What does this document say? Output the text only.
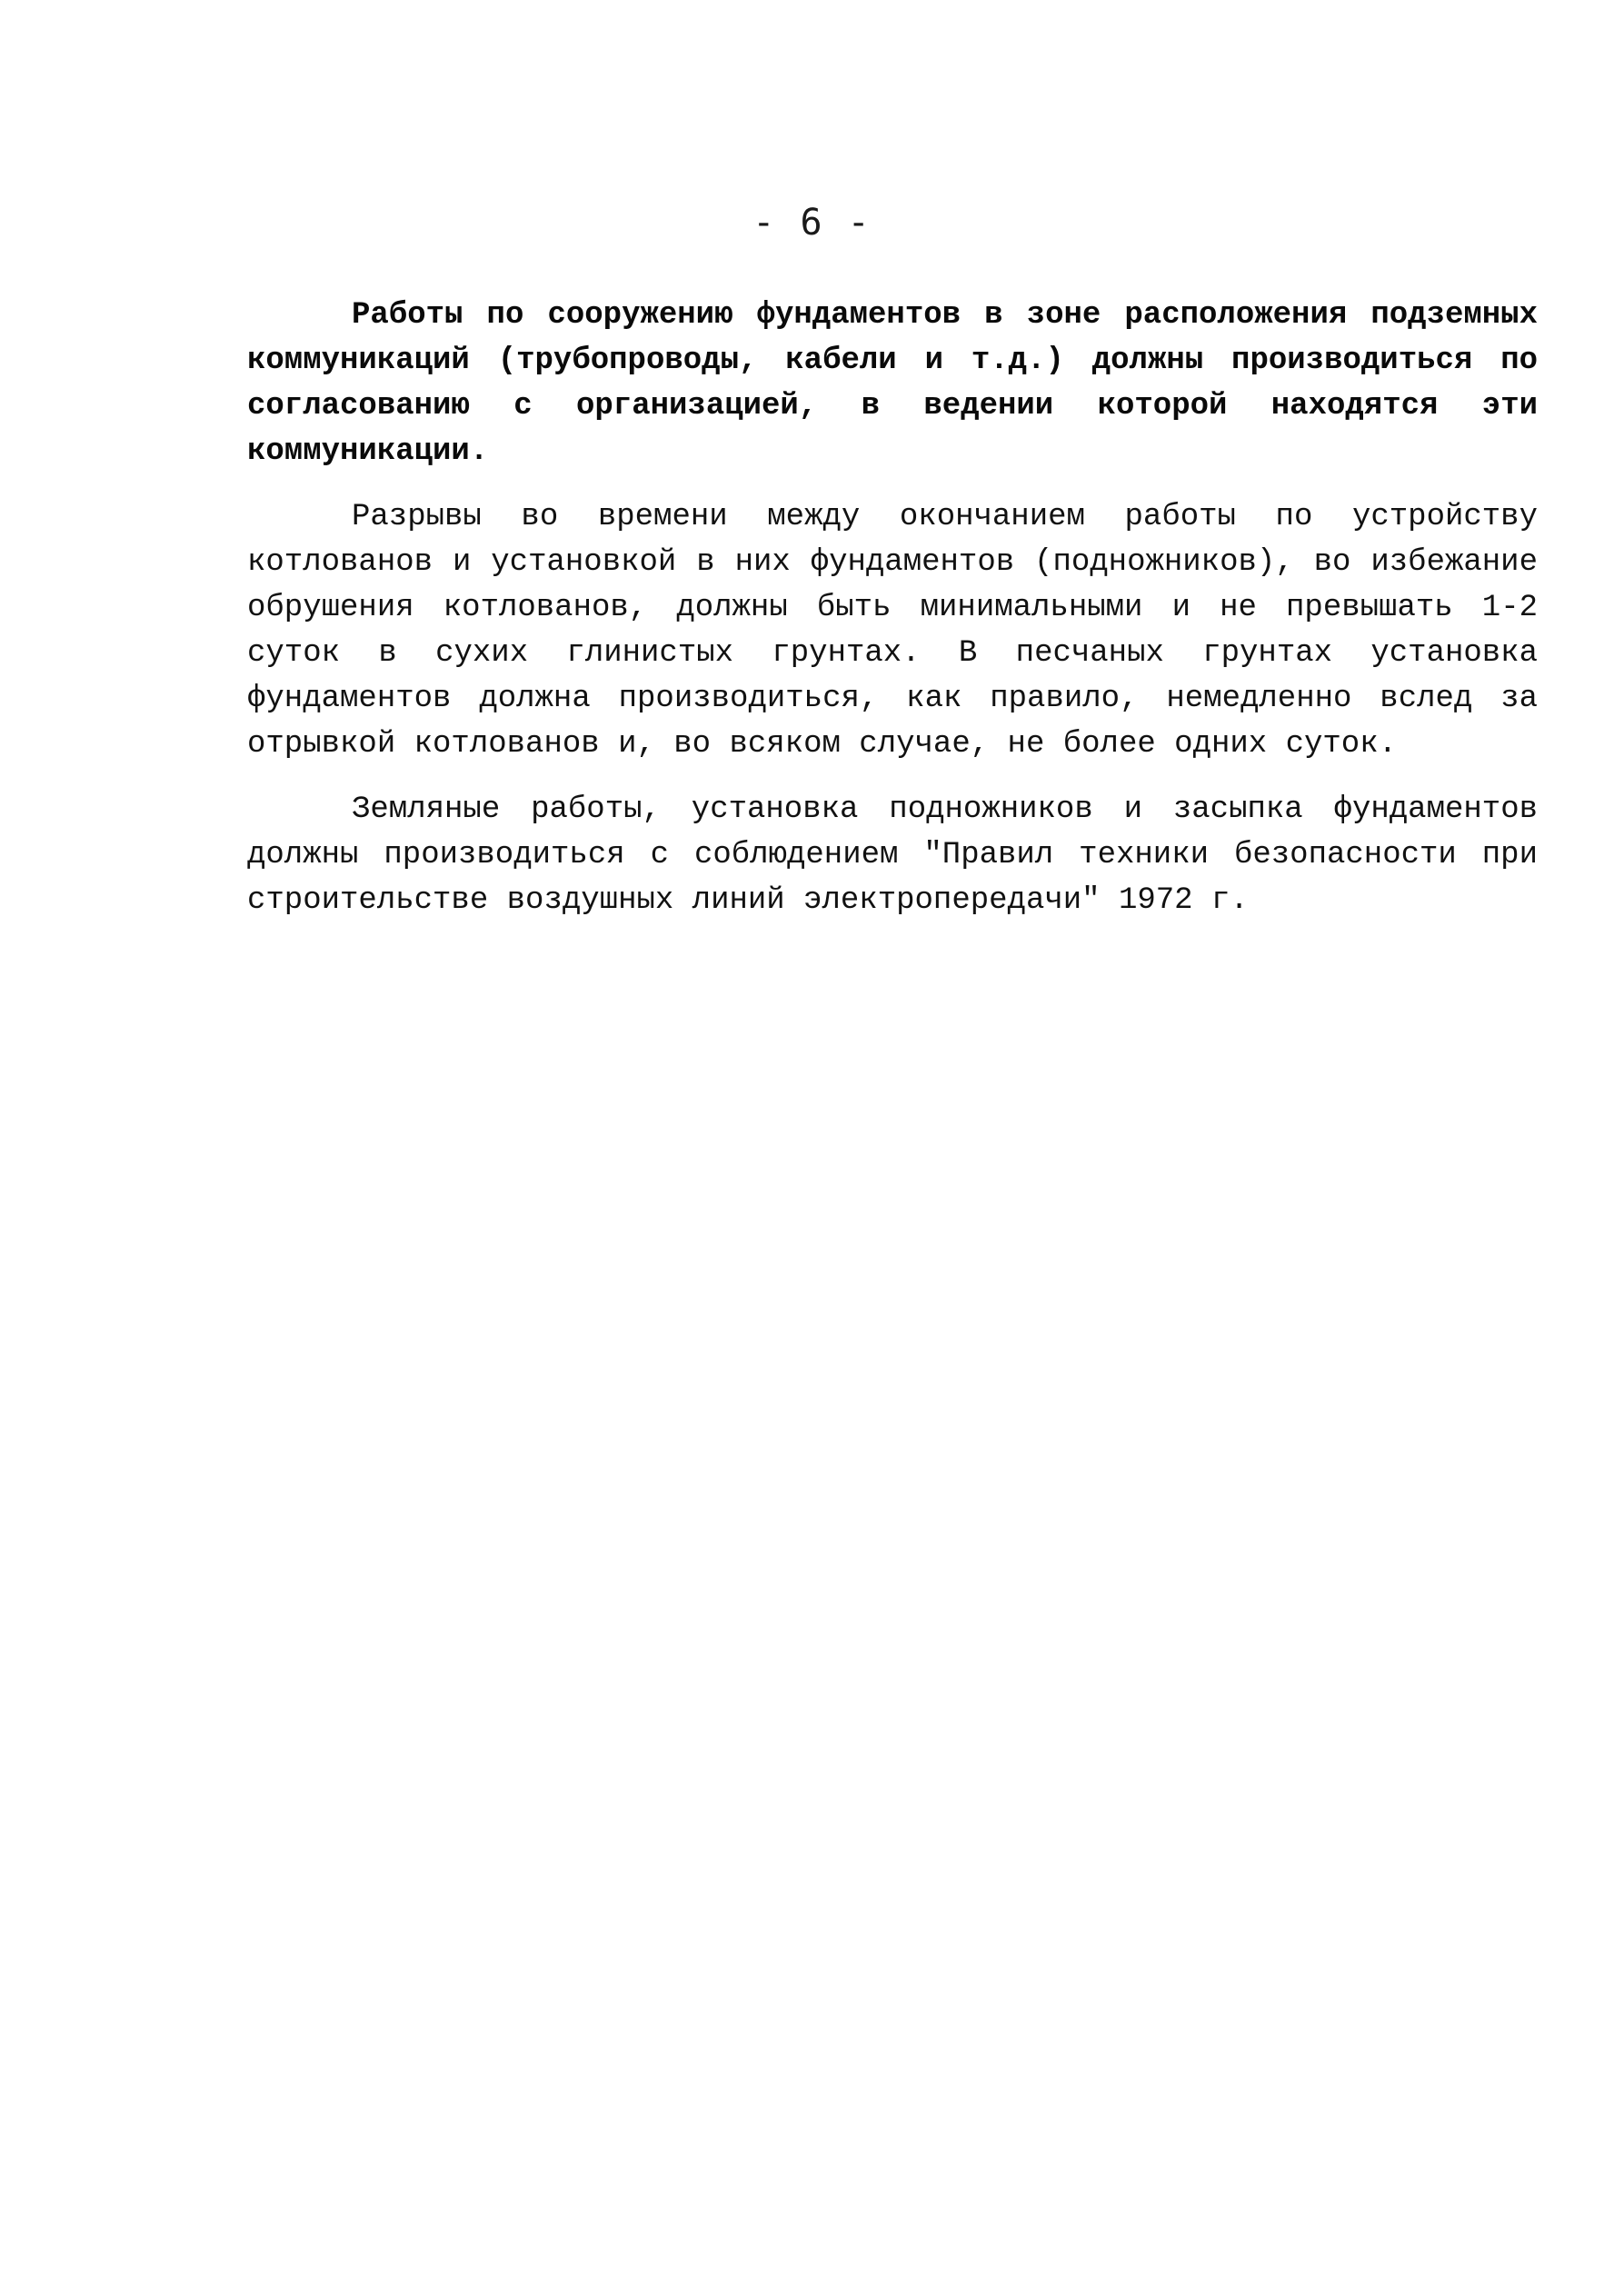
- 6 -

Работы по сооружению фундаментов в зоне расположения подземных коммуникаций (трубопроводы, кабели и т.д.) должны производиться по согласованию с организацией, в ведении которой находятся эти коммуникации.

Разрывы во времени между окончанием работы по устройству котлованов и установкой в них фундаментов (подножников), во избежание обрушения котлованов, должны быть минимальными и не превышать 1-2 суток в сухих глинистых грунтах. В песчаных грунтах установка фундаментов должна производиться, как правило, немедленно вслед за отрывкой котлованов и, во всяком случае, не более одних суток.

Земляные работы, установка подножников и засыпка фундаментов должны производиться с соблюдением "Правил техники безопасности при строительстве воздушных линий электропередачи" 1972 г.
